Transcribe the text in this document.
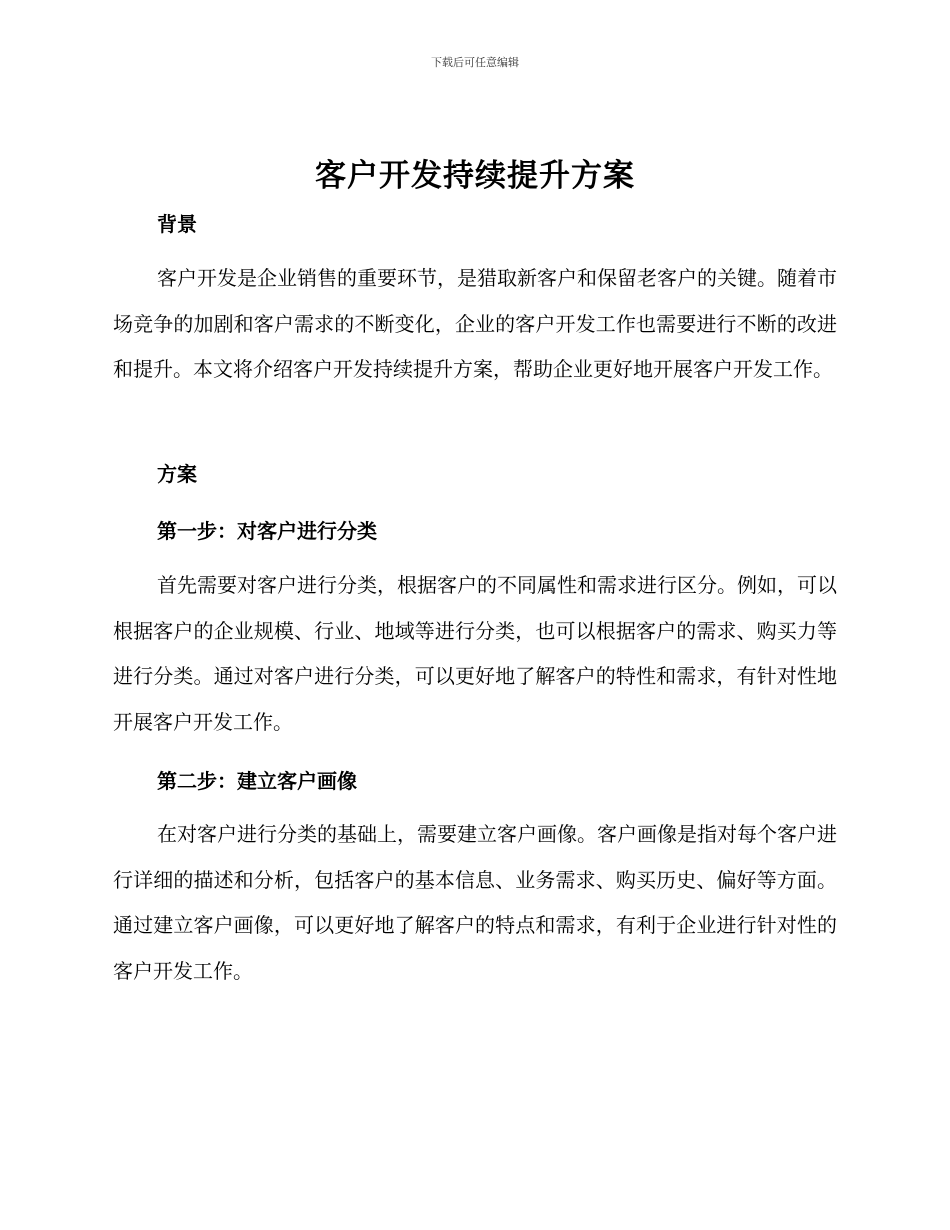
下载后可任意编辑
客户开发持续提升方案
背景

客户开发是企业销售的重要环节，是猎取新客户和保留老客户的关键。随着市场竞争的加剧和客户需求的不断变化，企业的客户开发工作也需要进行不断的改进和提升。本文将介绍客户开发持续提升方案，帮助企业更好地开展客户开发工作。

方案
第一步：对客户进行分类

首先需要对客户进行分类，根据客户的不同属性和需求进行区分。例如，可以根据客户的企业规模、行业、地域等进行分类，也可以根据客户的需求、购买力等进行分类。通过对客户进行分类，可以更好地了解客户的特性和需求，有针对性地开展客户开发工作。

第二步：建立客户画像

在对客户进行分类的基础上，需要建立客户画像。客户画像是指对每个客户进行详细的描述和分析，包括客户的基本信息、业务需求、购买历史、偏好等方面。通过建立客户画像，可以更好地了解客户的特点和需求，有利于企业进行针对性的客户开发工作。
